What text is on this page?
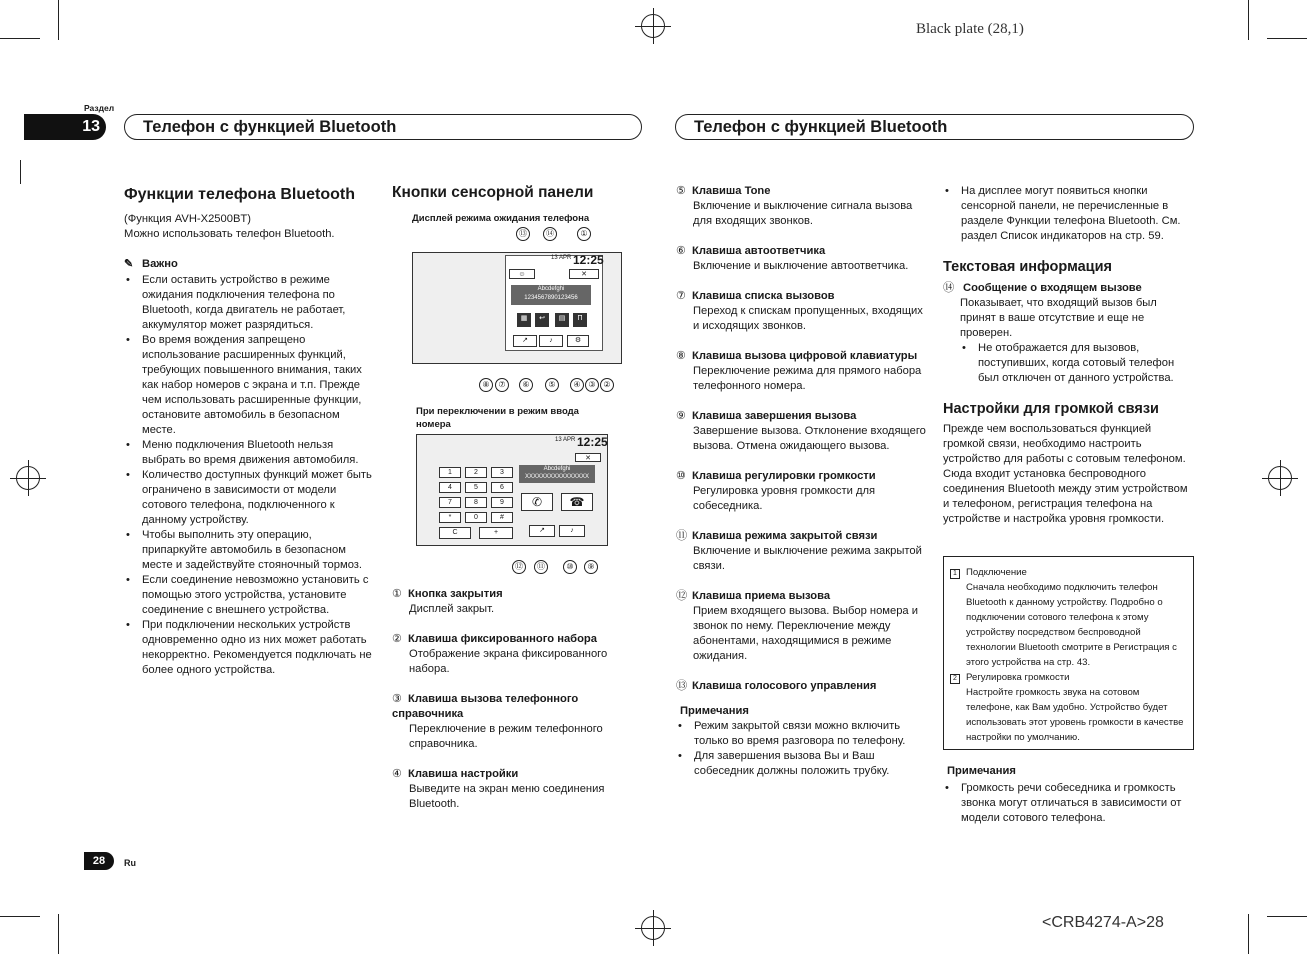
Black plate (28,1)
Раздел
13	Телефон с функцией Bluetooth	Телефон с функцией Bluetooth
Функции телефона Bluetooth

(Функция AVH-X2500BT)

Можно использовать телефон Bluetooth.

✎ Важно
• Если оставить устройство в режиме ожидания подключения телефона по Bluetooth, когда двигатель не работает, аккумулятор может разрядиться.
• Во время вождения запрещено использование расширенных функций, требующих повышенного внимания, таких как набор номеров с экрана и т.п. Прежде чем использовать расширенные функции, остановите автомобиль в безопасном месте.
• Меню подключения Bluetooth нельзя выбрать во время движения автомобиля.
• Количество доступных функций может быть ограничено в зависимости от модели сотового телефона, подключенного к данному устройству.
• Чтобы выполнить эту операцию, припаркуйте автомобиль в безопасном месте и задействуйте стояночный тормоз.
• Если соединение невозможно установить с помощью этого устройства, установите соединение с внешнего устройства.
• При подключении нескольких устройств одновременно одно из них может работать некорректно. Рекомендуется подключать не более одного устройства.
Кнопки сенсорной панели
Дисплей режима ожидания телефона
⑬	⑭	①
☺
13 APR 12:25
✕
Abcdefghi
1234567890123456
▦	↩	▤	П
↗	♪	⚙
⑧	⑦	⑥	⑤	④ ③ ②
При переключении в режим ввода номера
13 APR 12:25
✕
Abcdefghi
XXXXXXXXXXXXXXXX
1	2	3
4	5	6
7	8	9
*	0	#
C	+
✆	☎
↗	♪
⑫	⑪	⑩	⑨
① Кнопка закрытия
Дисплей закрыт.
② Клавиша фиксированного набора
Отображение экрана фиксированного набора.
③ Клавиша вызова телефонного справочника
Переключение в режим телефонного справочника.
④ Клавиша настройки
Выведите на экран меню соединения Bluetooth.
⑤ Клавиша Tone
Включение и выключение сигнала вызова для входящих звонков.
⑥ Клавиша автоответчика
Включение и выключение автоответчика.
⑦ Клавиша списка вызовов
Переход к спискам пропущенных, входящих и исходящих звонков.
⑧ Клавиша вызова цифровой клавиатуры
Переключение режима для прямого набора телефонного номера.
⑨ Клавиша завершения вызова
Завершение вызова. Отклонение входящего вызова. Отмена ожидающего вызова.
⑩ Клавиша регулировки громкости
Регулировка уровня громкости для собеседника.
⑪ Клавиша режима закрытой связи
Включение и выключение режима закрытой связи.
⑫ Клавиша приема вызова
Прием входящего вызова. Выбор номера и звонок по нему. Переключение между абонентами, находящимися в режиме ожидания.
⑬ Клавиша голосового управления
Примечания
• Режим закрытой связи можно включить только во время разговора по телефону.
• Для завершения вызова Вы и Ваш собеседник должны положить трубку.
• На дисплее могут появиться кнопки сенсорной панели, не перечисленные в разделе Функции телефона Bluetooth. См. раздел Список индикаторов на стр. 59.
Текстовая информация
⑭ Сообщение о входящем вызове
Показывает, что входящий вызов был принят в ваше отсутствие и еще не проверен.
• Не отображается для вызовов, поступивших, когда сотовый телефон был отключен от данного устройства.
Настройки для громкой связи

Прежде чем воспользоваться функцией громкой связи, необходимо настроить устройство для работы с сотовым телефоном. Сюда входит установка беспроводного соединения Bluetooth между этим устройством и телефоном, регистрация телефона на устройстве и настройка уровня громкости.

1 Подключение
Сначала необходимо подключить телефон Bluetooth к данному устройству. Подробно о подключении сотового телефона к этому устройству посредством беспроводной технологии Bluetooth смотрите в Регистрация с этого устройства на стр. 43.
2 Регулировка громкости
Настройте громкость звука на сотовом телефоне, как Вам удобно. Устройство будет использовать этот уровень громкости в качестве настройки по умолчанию.
Примечания
• Громкость речи собеседника и громкость звонка могут отличаться в зависимости от модели сотового телефона.
28	Ru
<CRB4274-A>28
